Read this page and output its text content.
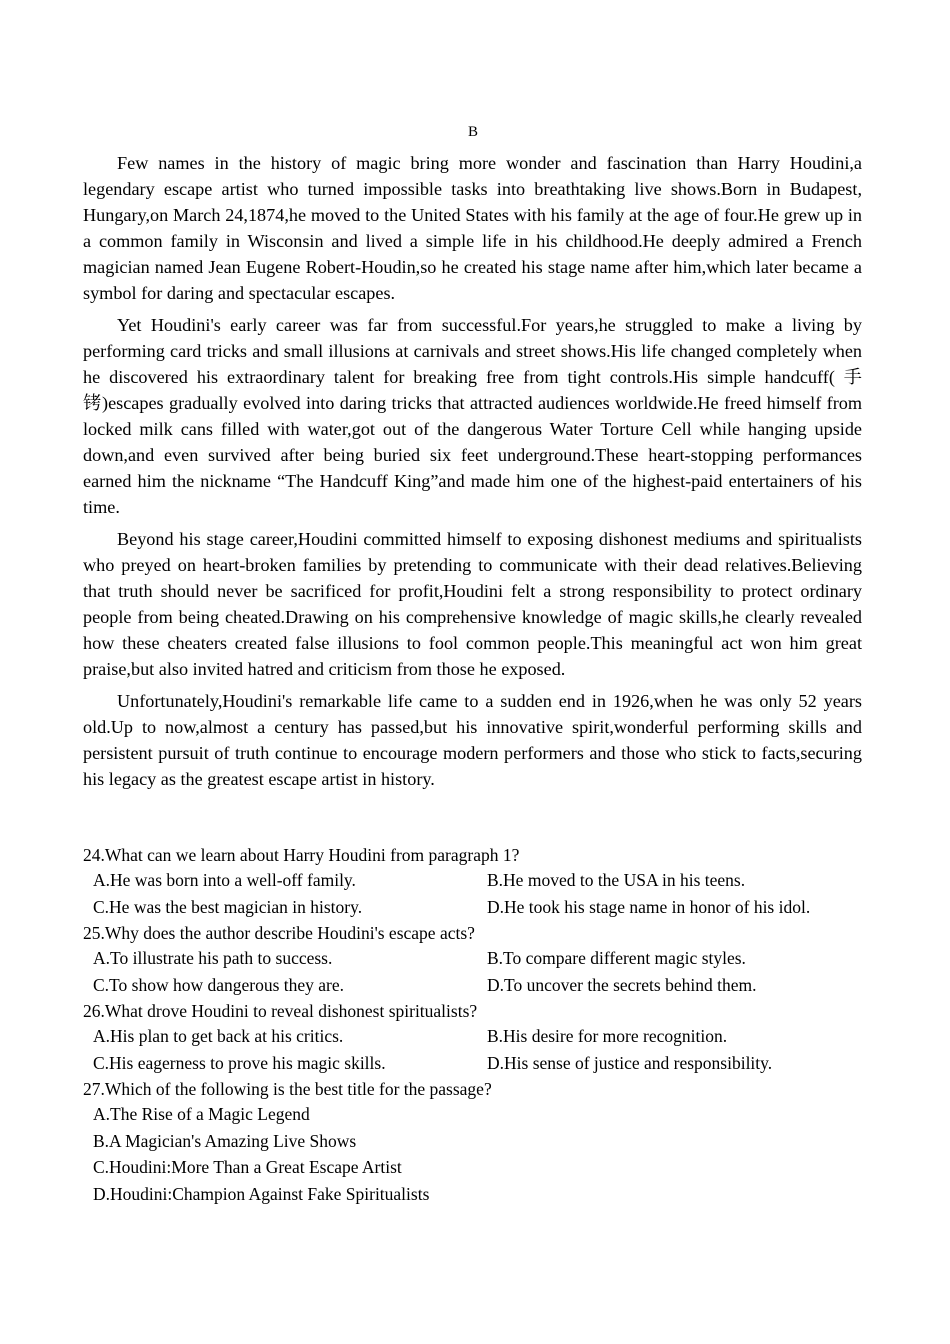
B

Few names in the history of magic bring more wonder and fascination than Harry Houdini,a legendary escape artist who turned impossible tasks into breathtaking live shows.Born in Budapest, Hungary,on March 24,1874,he moved to the United States with his family at the age of four.He grew up in a common family in Wisconsin and lived a simple life in his childhood.He deeply admired a French magician named Jean Eugene Robert-Houdin,so he created his stage name after him,which later became a symbol for daring and spectacular escapes.

Yet Houdini's early career was far from successful.For years,he struggled to make a living by performing card tricks and small illusions at carnivals and street shows.His life changed completely when he discovered his extraordinary talent for breaking free from tight controls.His simple handcuff( 手铐)escapes gradually evolved into daring tricks that attracted audiences worldwide.He freed himself from locked milk cans filled with water,got out of the dangerous Water Torture Cell while hanging upside down,and even survived after being buried six feet underground.These heart-stopping performances earned him the nickname “The Handcuff King”and made him one of the highest-paid entertainers of his time.

Beyond his stage career,Houdini committed himself to exposing dishonest mediums and spiritualists who preyed on heart-broken families by pretending to communicate with their dead relatives.Believing that truth should never be sacrificed for profit,Houdini felt a strong responsibility to protect ordinary people from being cheated.Drawing on his comprehensive knowledge of magic skills,he clearly revealed how these cheaters created false illusions to fool common people.This meaningful act won him great praise,but also invited hatred and criticism from those he exposed.

Unfortunately,Houdini's remarkable life came to a sudden end in 1926,when he was only 52 years old.Up to now,almost a century has passed,but his innovative spirit,wonderful performing skills and persistent pursuit of truth continue to encourage modern performers and those who stick to facts,securing his legacy as the greatest escape artist in history.

24.What can we learn about Harry Houdini from paragraph 1?

A.He was born into a well-off family.	B.He moved to the USA in his teens.
C.He was the best magician in history.	D.He took his stage name in honor of his idol.

25.Why does the author describe Houdini's escape acts?

A.To illustrate his path to success.	B.To compare different magic styles.
C.To show how dangerous they are.	D.To uncover the secrets behind them.

26.What drove Houdini to reveal dishonest spiritualists?

A.His plan to get back at his critics.	B.His desire for more recognition.
C.His eagerness to prove his magic skills.	D.His sense of justice and responsibility.

27.Which of the following is the best title for the passage?

A.The Rise of a Magic Legend
B.A Magician's Amazing Live Shows
C.Houdini:More Than a Great Escape Artist
D.Houdini:Champion Against Fake Spiritualists
